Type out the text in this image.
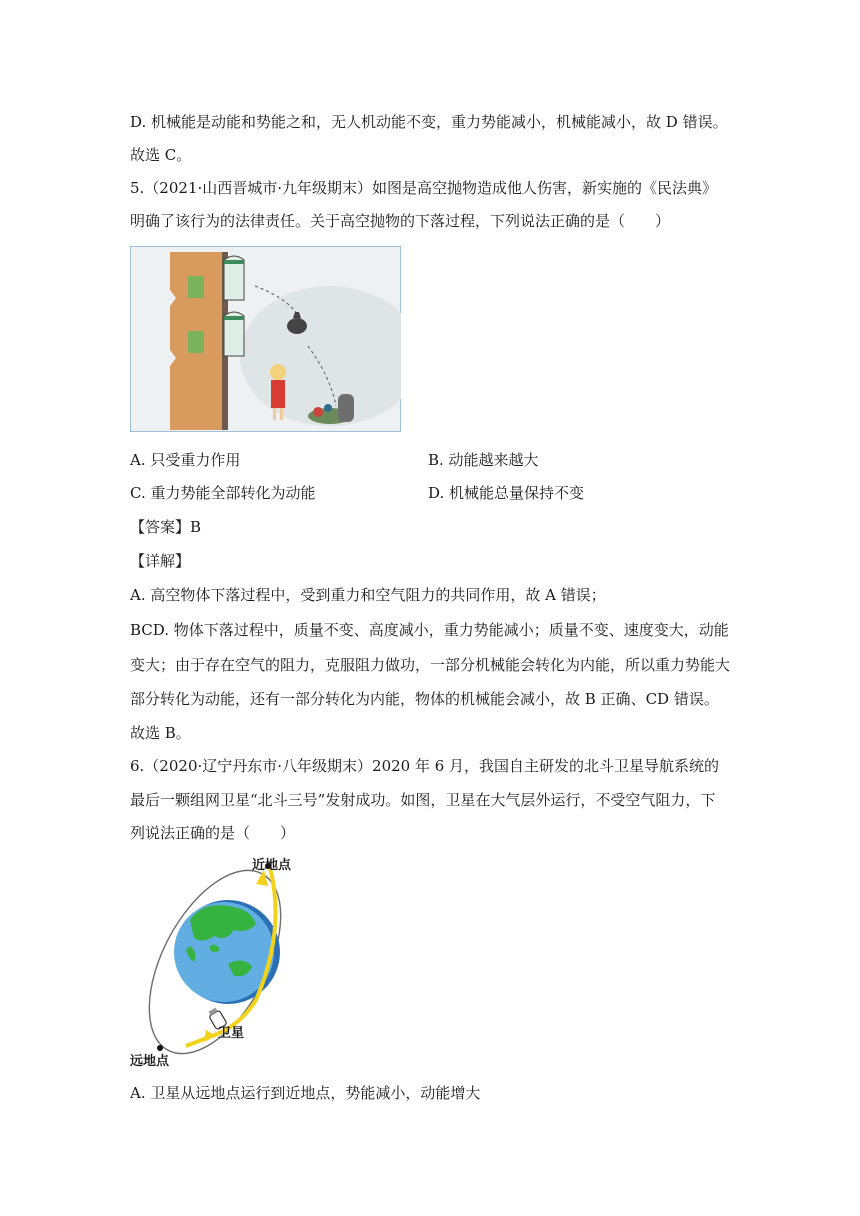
D. 机械能是动能和势能之和，无人机动能不变，重力势能减小，机械能减小，故 D 错误。
故选 C。
5.（2021·山西晋城市·九年级期末）如图是高空抛物造成他人伤害，新实施的《民法典》
明确了该行为的法律责任。关于高空抛物的下落过程，下列说法正确的是（　　）
A. 只受重力作用	B. 动能越来越大
C. 重力势能全部转化为动能	D. 机械能总量保持不变
【答案】B
【详解】
A. 高空物体下落过程中，受到重力和空气阻力的共同作用，故 A 错误；
BCD. 物体下落过程中，质量不变、高度减小，重力势能减小；质量不变、速度变大，动能
变大；由于存在空气的阻力，克服阻力做功，一部分机械能会转化为内能，所以重力势能大
部分转化为动能，还有一部分转化为内能，物体的机械能会减小，故 B 正确、CD 错误。
故选 B。
6.（2020·辽宁丹东市·八年级期末）2020 年 6 月，我国自主研发的北斗卫星导航系统的
最后一颗组网卫星“北斗三号”发射成功。如图，卫星在大气层外运行，不受空气阻力，下
列说法正确的是（　　）
近地点
卫星
远地点
A. 卫星从远地点运行到近地点，势能减小，动能增大
